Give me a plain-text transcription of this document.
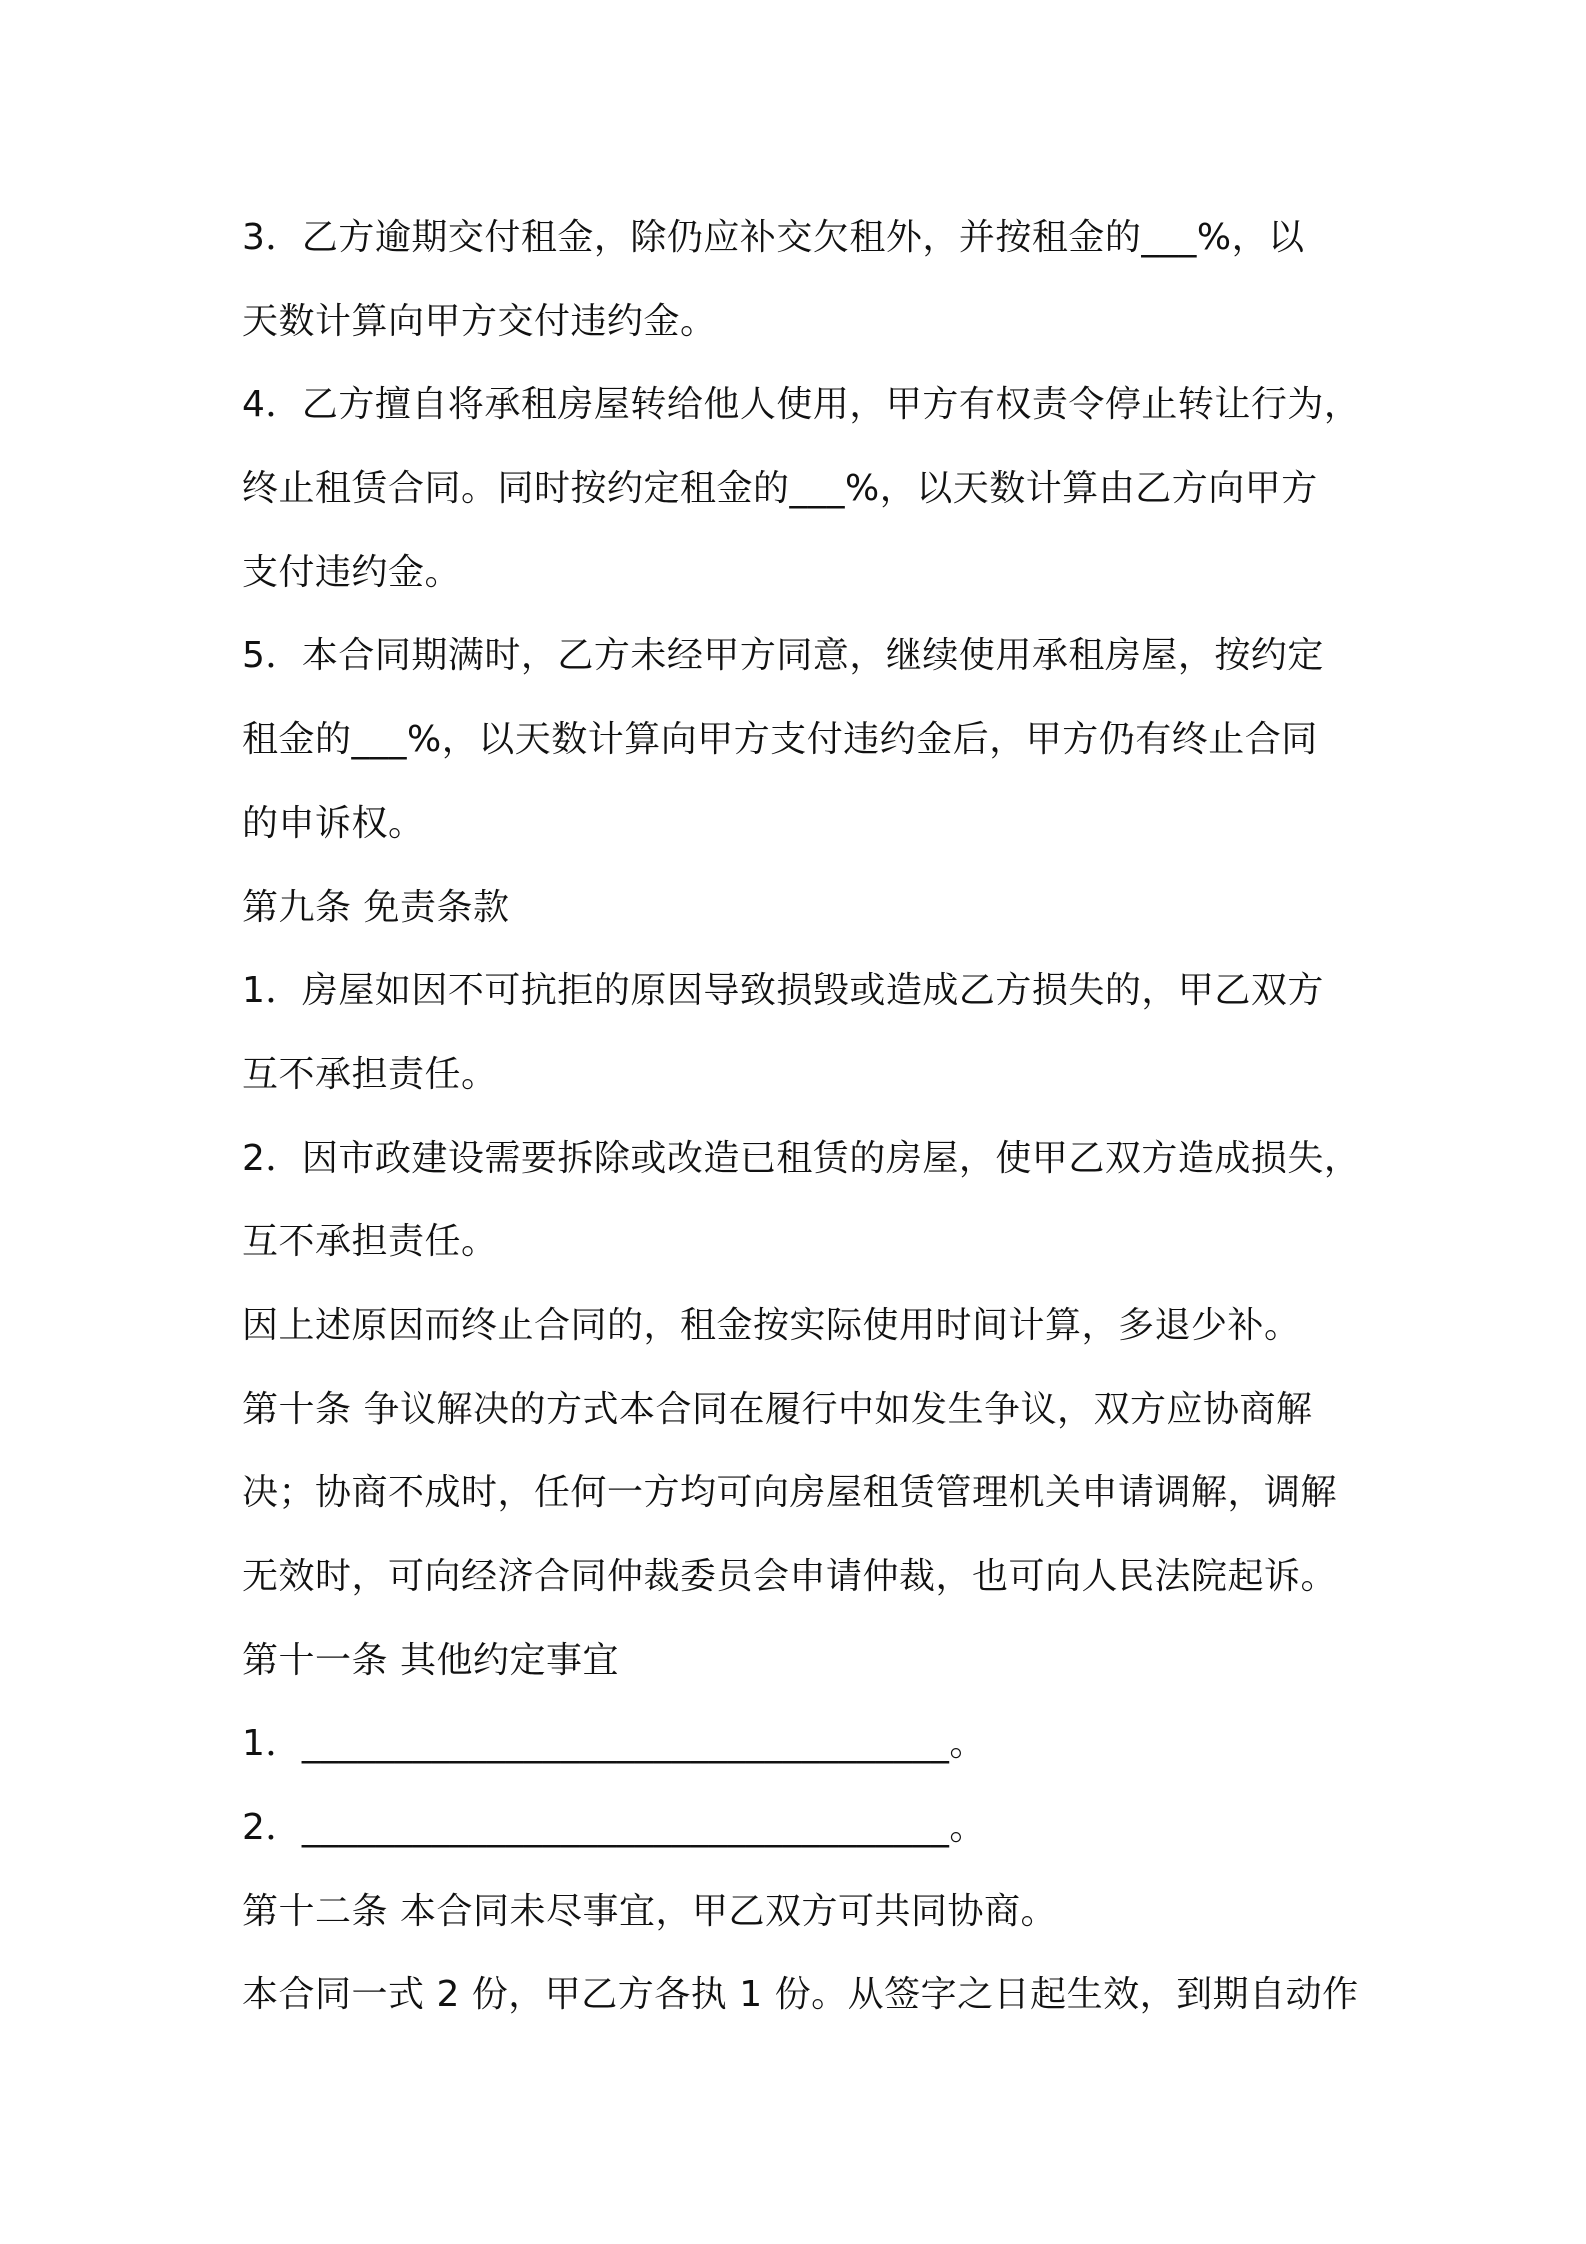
3．乙方逾期交付租金，除仍应补交欠租外，并按租金的___%，以
天数计算向甲方交付违约金。
4．乙方擅自将承租房屋转给他人使用，甲方有权责令停止转让行为，
终止租赁合同。同时按约定租金的___%，以天数计算由乙方向甲方
支付违约金。
5．本合同期满时，乙方未经甲方同意，继续使用承租房屋，按约定
租金的___%，以天数计算向甲方支付违约金后，甲方仍有终止合同
的申诉权。
第九条 免责条款
1．房屋如因不可抗拒的原因导致损毁或造成乙方损失的，甲乙双方
互不承担责任。
2．因市政建设需要拆除或改造已租赁的房屋，使甲乙双方造成损失，
互不承担责任。
因上述原因而终止合同的，租金按实际使用时间计算，多退少补。
第十条 争议解决的方式本合同在履行中如发生争议，双方应协商解
决；协商不成时，任何一方均可向房屋租赁管理机关申请调解，调解
无效时，可向经济合同仲裁委员会申请仲裁，也可向人民法院起诉。
第十一条 其他约定事宜
1．___________________________________。
2．___________________________________。
第十二条 本合同未尽事宜，甲乙双方可共同协商。
本合同一式 2 份，甲乙方各执 1 份。从签字之日起生效，到期自动作
